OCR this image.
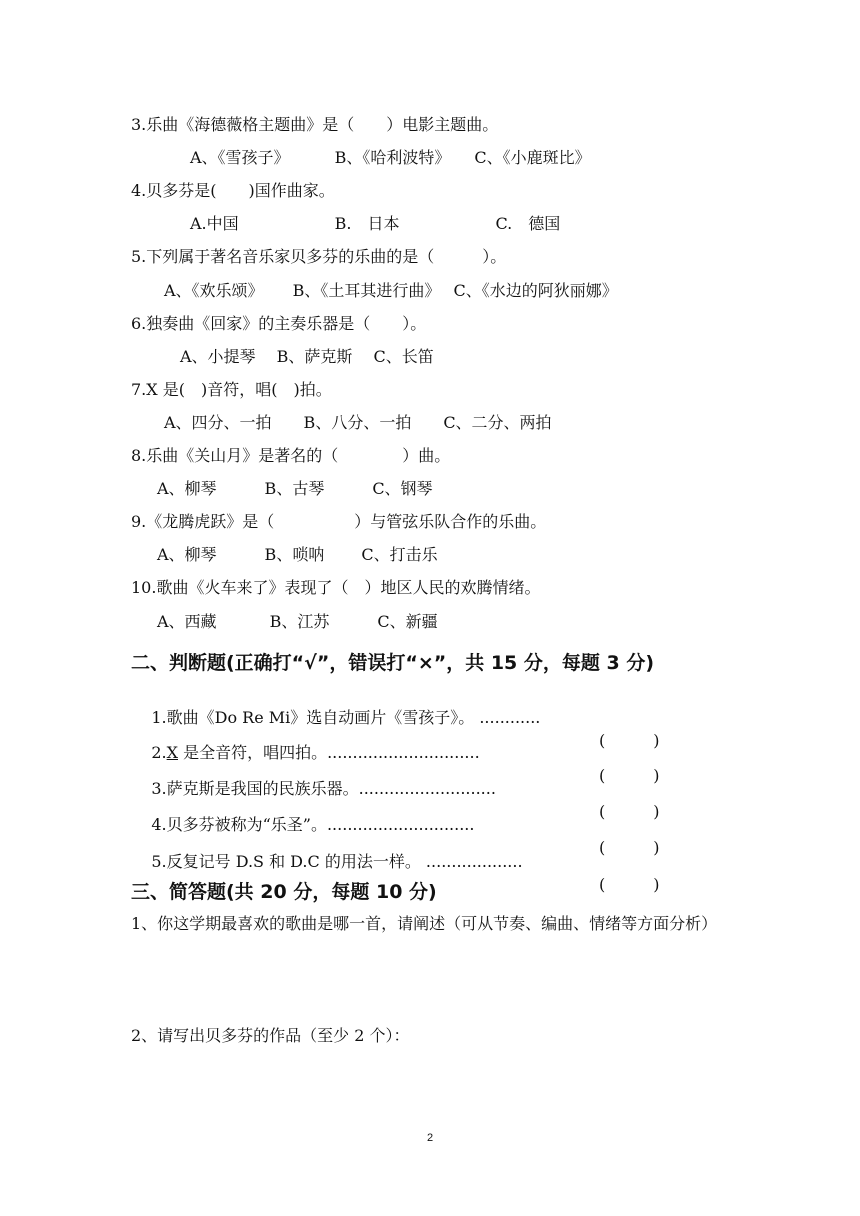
3.乐曲《海德薇格主题曲》是（　　）电影主题曲。
A、《雪孩子》　　　 B、《哈利波特》　　C、《小鹿斑比》
4.贝多芬是(　　)国作曲家。
A.中国　　　　　　B.　日本　　　　　　C.　德国
5.下列属于著名音乐家贝多芬的乐曲的是（　　　）。
A、《欢乐颂》　　 B、《土耳其进行曲》　 C、《水边的阿狄丽娜》
6.独奏曲《回家》的主奏乐器是（　　）。
A、小提琴　 B、萨克斯　 C、长笛
7.X 是(　)音符，唱(　)拍。
A、四分、一拍　　B、八分、一拍　　C、二分、两拍
8.乐曲《关山月》是著名的（　　　　）曲。
A、柳琴　　　B、古琴　　　C、钢琴
9.《龙腾虎跃》是（　　　　　）与管弦乐队合作的乐曲。
A、柳琴　　　B、唢呐　　 C、打击乐
10.歌曲《火车来了》表现了（　）地区人民的欢腾情绪。
A、西藏　　　 B、江苏　　　C、新疆
二、判断题(正确打“√”，错误打“×”，共 15 分，每题 3 分)

1.歌曲《Do Re Mi》选自动画片《雪孩子》。 ............

(　　　)

2.X 是全音符，唱四拍。..............................

(　　　)

3.萨克斯是我国的民族乐器。...........................

(　　　)

4.贝多芬被称为“乐圣”。.............................

(　　　)

5.反复记号 D.S 和 D.C 的用法一样。 ...................

(　　　)

三、简答题(共 20 分，每题 10 分)
1、你这学期最喜欢的歌曲是哪一首，请阐述（可从节奏、编曲、情绪等方面分析）
2、请写出贝多芬的作品（至少 2 个）：
2
